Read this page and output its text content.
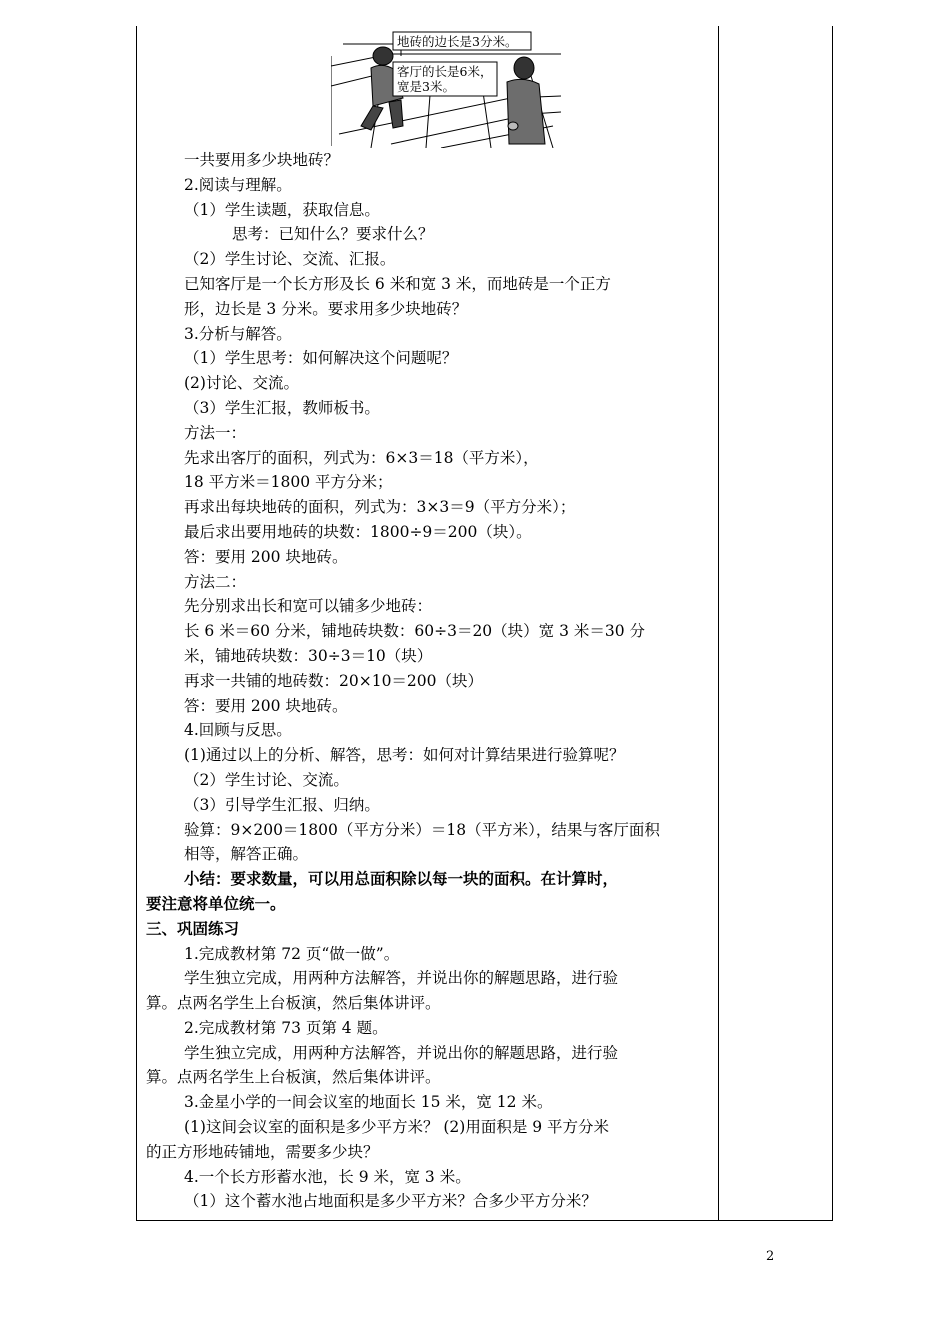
地砖的边长是3分米。
客厅的长是6米，
宽是3米。

一共要用多少块地砖？

2.阅读与理解。

（1）学生读题，获取信息。

思考：已知什么？要求什么？

（2）学生讨论、交流、汇报。

已知客厅是一个长方形及长 6 米和宽 3 米，而地砖是一个正方

形，边长是 3 分米。要求用多少块地砖？

3.分析与解答。

（1）学生思考：如何解决这个问题呢？

(2)讨论、交流。

（3）学生汇报，教师板书。

方法一：

先求出客厅的面积，列式为：6×3＝18（平方米），

18 平方米＝1800 平方分米；

再求出每块地砖的面积，列式为：3×3＝9（平方分米）；

最后求出要用地砖的块数：1800÷9＝200（块）。

答：要用 200 块地砖。

方法二：

先分别求出长和宽可以铺多少地砖：

长 6 米＝60 分米，铺地砖块数：60÷3＝20（块）宽 3 米＝30 分

米，铺地砖块数：30÷3＝10（块）

再求一共铺的地砖数：20×10＝200（块）

答：要用 200 块地砖。

4.回顾与反思。

(1)通过以上的分析、解答，思考：如何对计算结果进行验算呢？

（2）学生讨论、交流。

（3）引导学生汇报、归纳。

验算：9×200＝1800（平方分米）＝18（平方米），结果与客厅面积

相等，解答正确。

小结：要求数量，可以用总面积除以每一块的面积。在计算时，

要注意将单位统一。

三、巩固练习

1.完成教材第 72 页“做一做”。

学生独立完成，用两种方法解答，并说出你的解题思路，进行验

算。点两名学生上台板演，然后集体讲评。

2.完成教材第 73 页第 4 题。

学生独立完成，用两种方法解答，并说出你的解题思路，进行验

算。点两名学生上台板演，然后集体讲评。

3.金星小学的一间会议室的地面长 15 米，宽 12 米。

(1)这间会议室的面积是多少平方米？ (2)用面积是 9 平方分米

的正方形地砖铺地，需要多少块？

4.一个长方形蓄水池，长 9 米，宽 3 米。

（1）这个蓄水池占地面积是多少平方米？合多少平方分米？

2
